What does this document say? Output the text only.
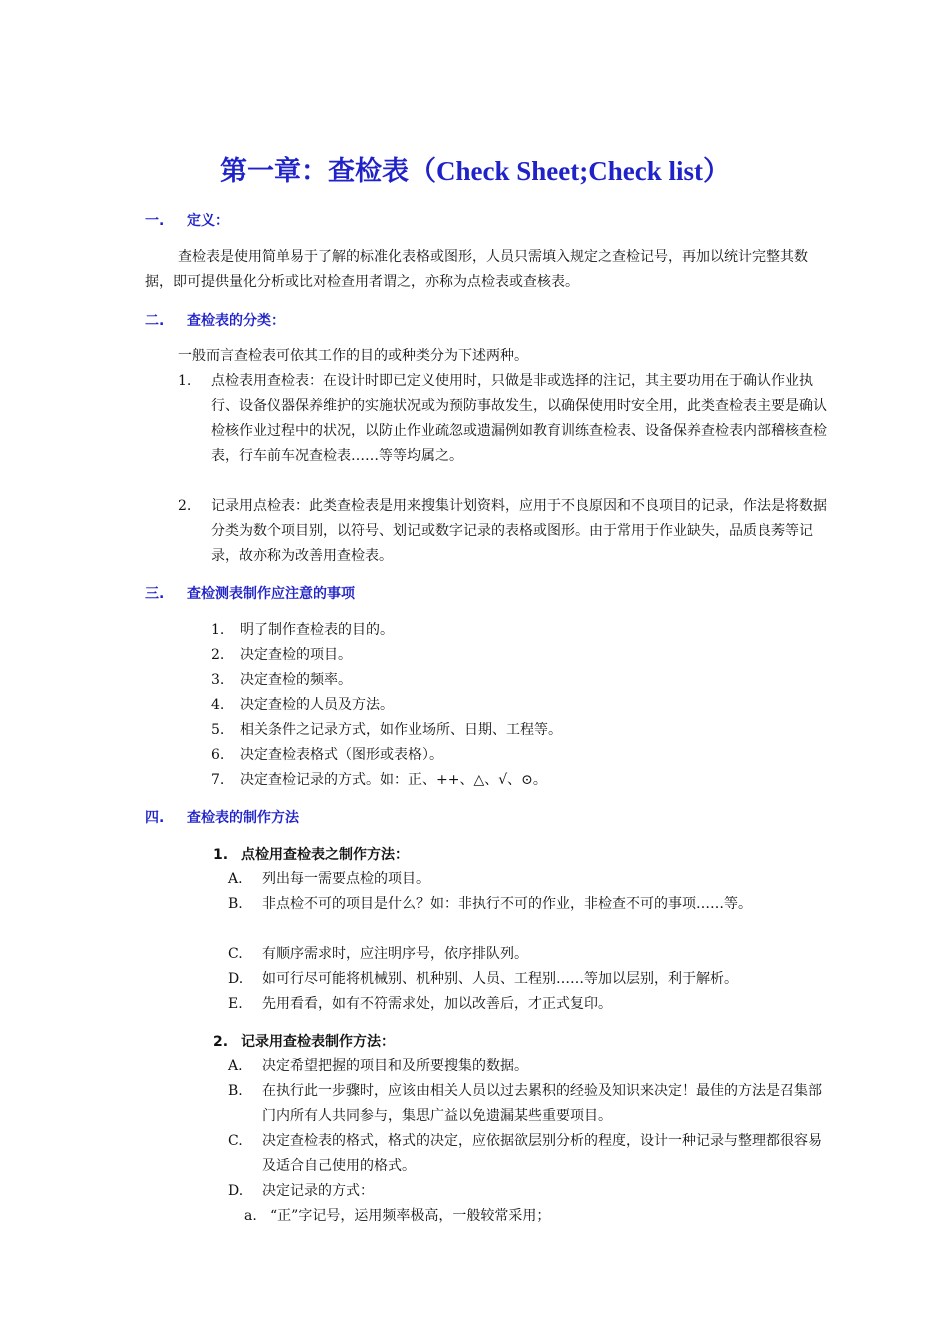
第一章：查检表（Check Sheet;Check list）
一. 定义：

查检表是使用简单易于了解的标准化表格或图形，人员只需填入规定之查检记号，再加以统计完整其数据，即可提供量化分析或比对检查用者谓之，亦称为点检表或查核表。

二. 查检表的分类：

一般而言查检表可依其工作的目的或种类分为下述两种。

1. 点检表用查检表：在设计时即已定义使用时，只做是非或选择的注记，其主要功用在于确认作业执行、设备仪器保养维护的实施状况或为预防事故发生，以确保使用时安全用，此类查检表主要是确认检核作业过程中的状况，以防止作业疏忽或遗漏例如教育训练查检表、设备保养查检表内部稽核查检表，行车前车况查检表……等等均属之。

2. 记录用点检表：此类查检表是用来搜集计划资料，应用于不良原因和不良项目的记录，作法是将数据分类为数个项目别，以符号、划记或数字记录的表格或图形。由于常用于作业缺失，品质良莠等记录，故亦称为改善用查检表。

三. 查检测表制作应注意的事项
1. 明了制作查检表的目的。

2. 决定查检的项目。

3. 决定查检的频率。

4. 决定查检的人员及方法。

5. 相关条件之记录方式，如作业场所、日期、工程等。

6. 决定查检表格式（图形或表格）。

7. 决定查检记录的方式。如：正、++、△、√、⊙。

四. 查检表的制作方法
1. 点检用查检表之制作方法：
A. 列出每一需要点检的项目。

B. 非点检不可的项目是什么？如：非执行不可的作业，非检查不可的事项……等。

C. 有顺序需求时，应注明序号，依序排队列。

D. 如可行尽可能将机械别、机种别、人员、工程别……等加以层别，利于解析。

E. 先用看看，如有不符需求处，加以改善后，才正式复印。

2. 记录用查检表制作方法：
A. 决定希望把握的项目和及所要搜集的数据。

B. 在执行此一步骤时，应该由相关人员以过去累积的经验及知识来决定！最佳的方法是召集部门内所有人共同参与，集思广益以免遗漏某些重要项目。

C. 决定查检表的格式，格式的决定，应依据欲层别分析的程度，设计一种记录与整理都很容易及适合自己使用的格式。

D. 决定记录的方式：

a. “正”字记号，运用频率极高，一般较常采用；
